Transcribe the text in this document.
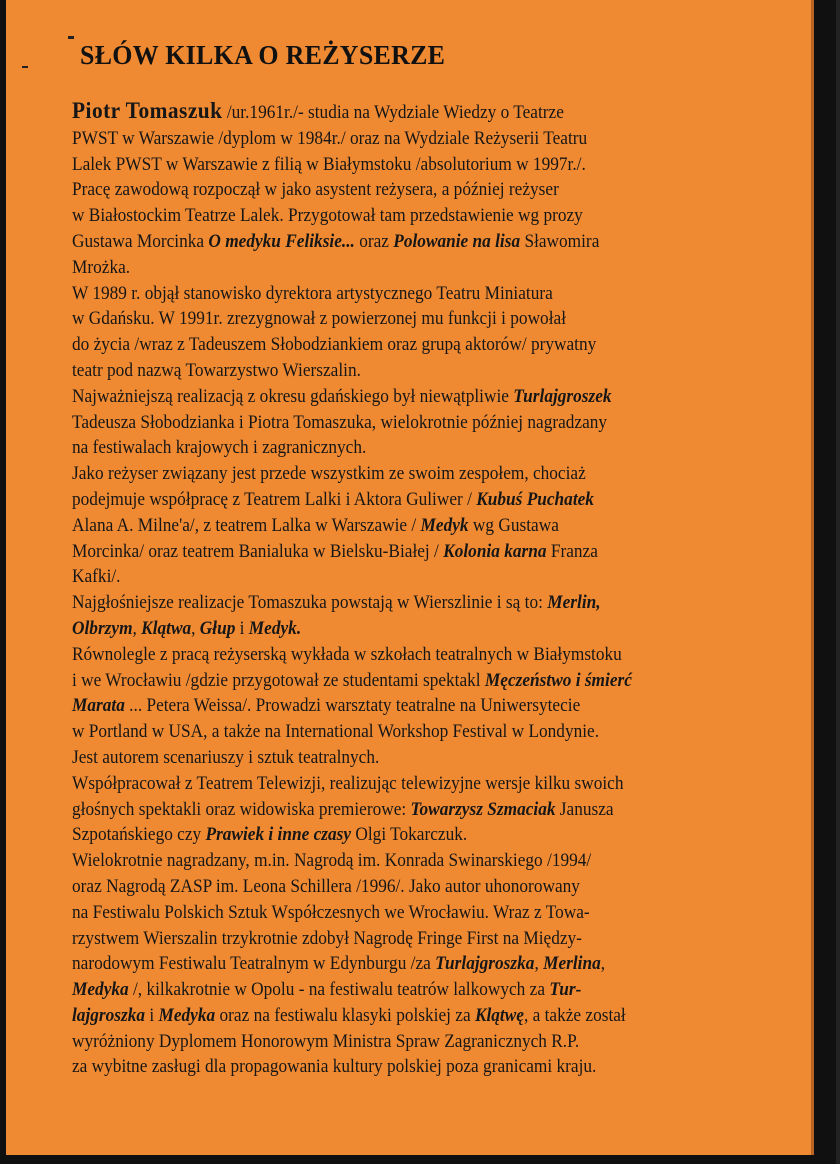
SŁÓW KILKA O REŻYSERZE

Piotr Tomaszuk /ur.1961r./- studia na Wydziale Wiedzy o Teatrze
PWST w Warszawie /dyplom w 1984r./ oraz na Wydziale Reżyserii Teatru
Lalek PWST w Warszawie z filią w Białymstoku /absolutorium w 1997r./.
Pracę zawodową rozpoczął w jako asystent reżysera, a później reżyser
w Białostockim Teatrze Lalek. Przygotował tam przedstawienie wg prozy
Gustawa Morcinka O medyku Feliksie... oraz Polowanie na lisa Sławomira
Mrożka.

W 1989 r. objął stanowisko dyrektora artystycznego Teatru Miniatura
w Gdańsku. W 1991r. zrezygnował z powierzonej mu funkcji i powołał
do życia /wraz z Tadeuszem Słobodziankiem oraz grupą aktorów/ prywatny
teatr pod nazwą Towarzystwo Wierszalin.

Najważniejszą realizacją z okresu gdańskiego był niewątpliwie Turlajgroszek
Tadeusza Słobodzianka i Piotra Tomaszuka, wielokrotnie później nagradzany
na festiwalach krajowych i zagranicznych.

Jako reżyser związany jest przede wszystkim ze swoim zespołem, chociaż
podejmuje współpracę z Teatrem Lalki i Aktora Guliwer / Kubuś Puchatek
Alana A. Milne'a/, z teatrem Lalka w Warszawie / Medyk wg Gustawa
Morcinka/ oraz teatrem Banialuka w Bielsku-Białej / Kolonia karna Franza
Kafki/.

Najgłośniejsze realizacje Tomaszuka powstają w Wierszlinie i są to: Merlin,
Olbrzym, Klątwa, Głup i Medyk.

Równolegle z pracą reżyserską wykłada w szkołach teatralnych w Białymstoku
i we Wrocławiu /gdzie przygotował ze studentami spektakl Męczeństwo i śmierć
Marata ... Petera Weissa/. Prowadzi warsztaty teatralne na Uniwersytecie
w Portland w USA, a także na International Workshop Festival w Londynie.
Jest autorem scenariuszy i sztuk teatralnych.

Współpracował z Teatrem Telewizji, realizując telewizyjne wersje kilku swoich
głośnych spektakli oraz widowiska premierowe: Towarzysz Szmaciak Janusza
Szpotańskiego czy Prawiek i inne czasy Olgi Tokarczuk.

Wielokrotnie nagradzany, m.in. Nagrodą im. Konrada Swinarskiego /1994/
oraz Nagrodą ZASP im. Leona Schillera /1996/. Jako autor uhonorowany
na Festiwalu Polskich Sztuk Współczesnych we Wrocławiu. Wraz z Towa-
rzystwem Wierszalin trzykrotnie zdobył Nagrodę Fringe First na Między-
narodowym Festiwalu Teatralnym w Edynburgu /za Turlajgroszka, Merlina,
Medyka /, kilkakrotnie w Opolu - na festiwalu teatrów lalkowych za Tur-
lajgroszka i Medyka oraz na festiwalu klasyki polskiej za Klątwę, a także został
wyróżniony Dyplomem Honorowym Ministra Spraw Zagranicznych R.P.
za wybitne zasługi dla propagowania kultury polskiej poza granicami kraju.
